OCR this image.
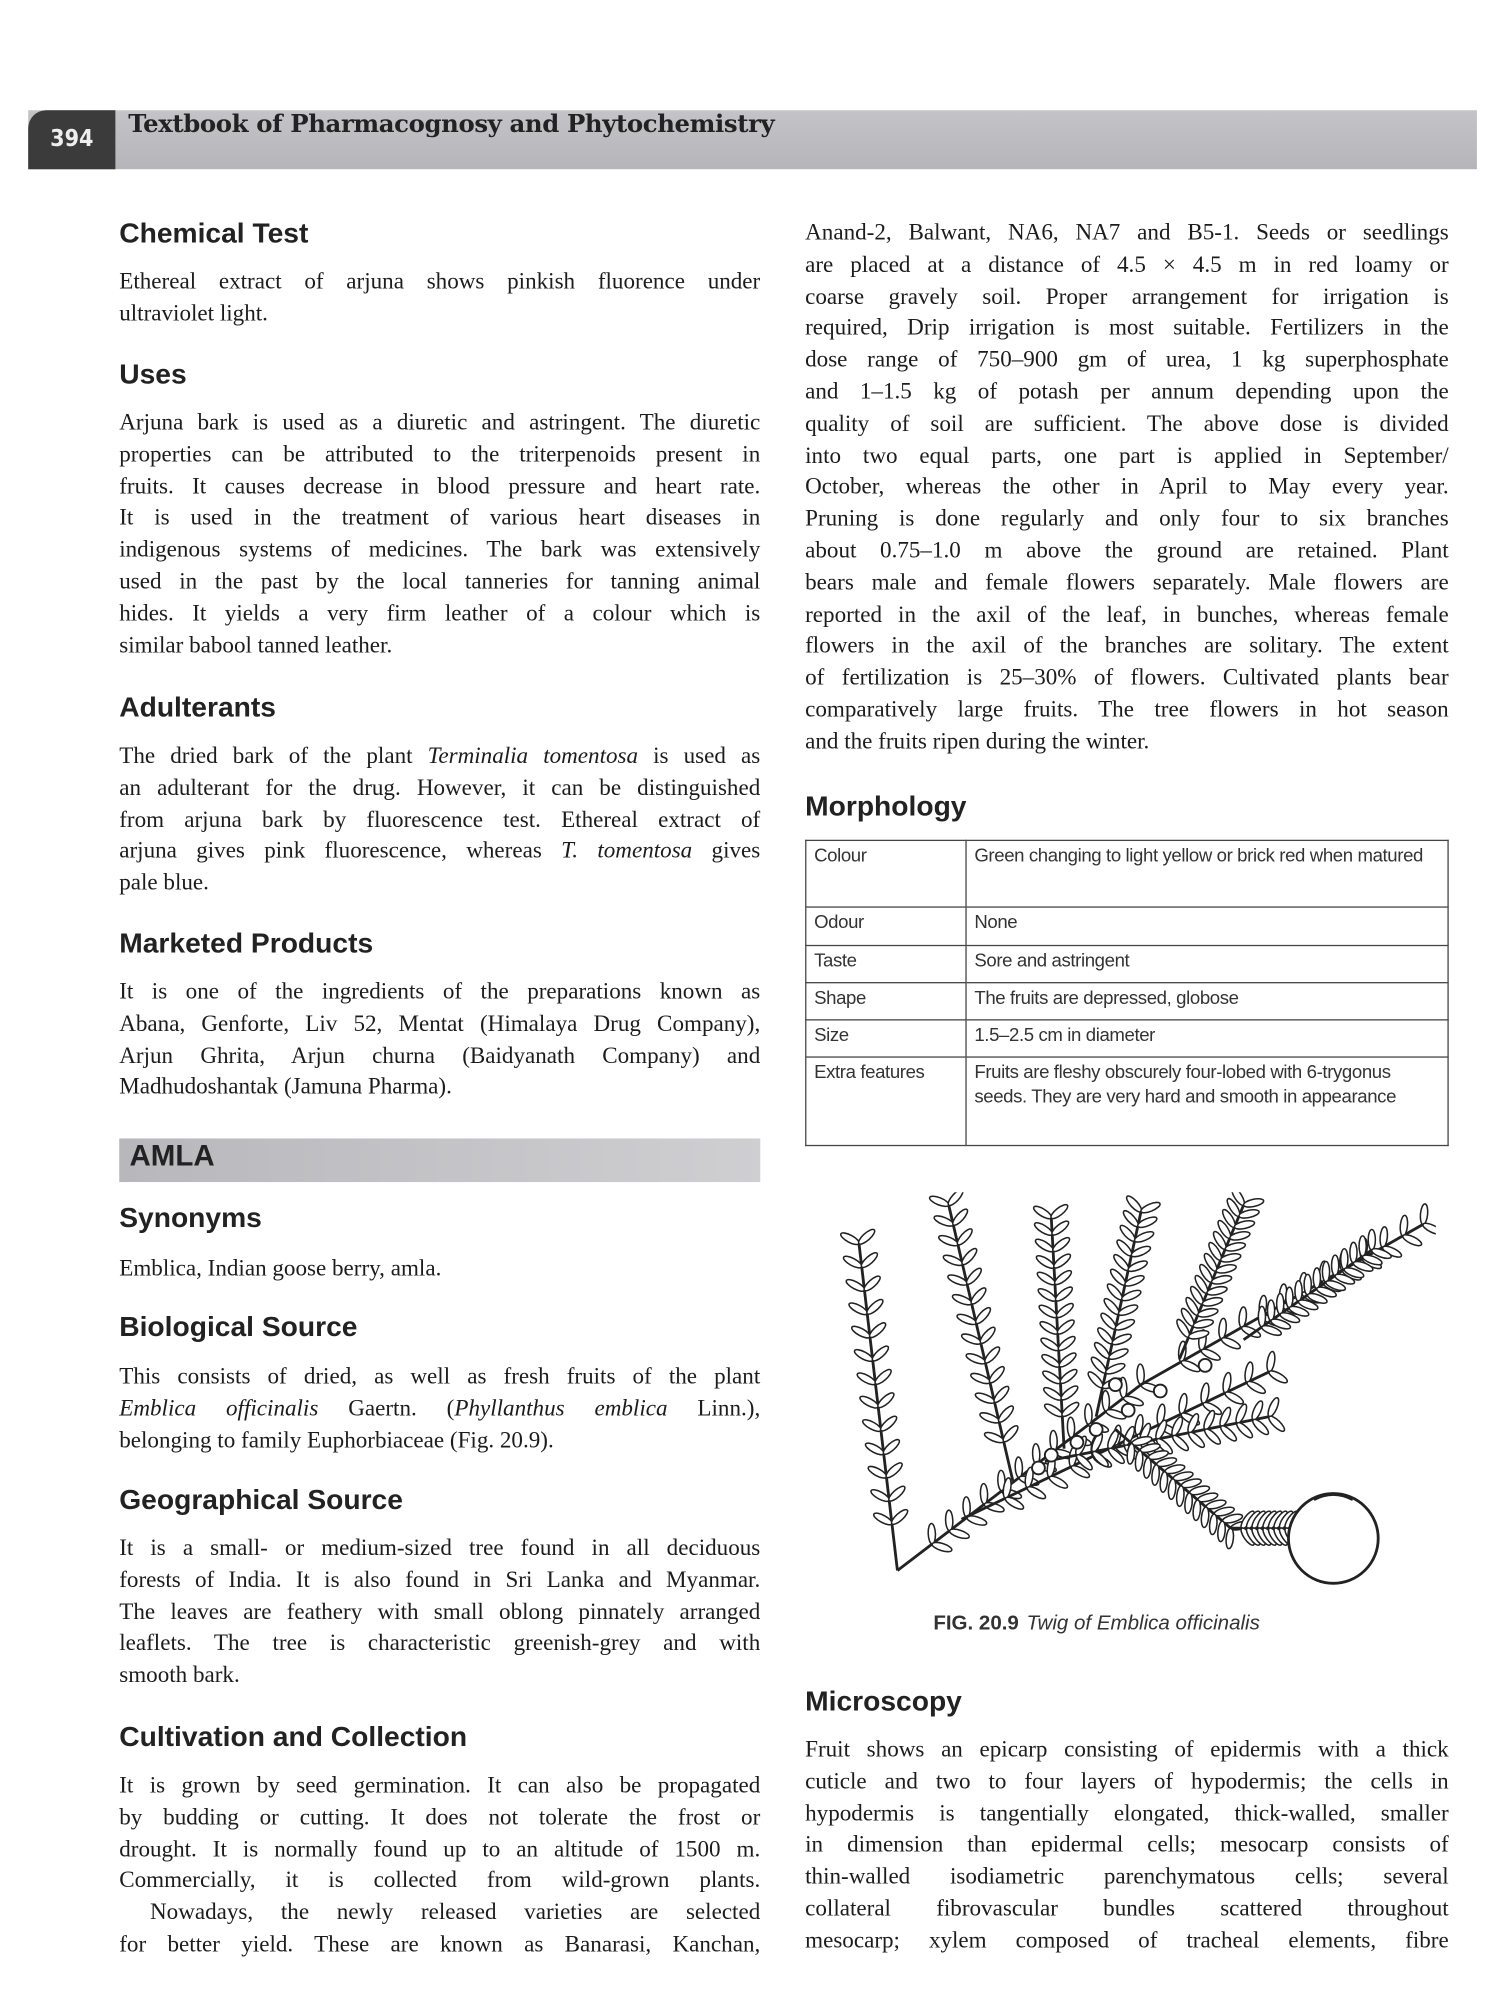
394
Textbook of Pharmacognosy and Phytochemistry
Chemical Test
Ethereal extract of arjuna shows pinkish fluorence under
ultraviolet light.
Uses
Arjuna bark is used as a diuretic and astringent. The diuretic
properties can be attributed to the triterpenoids present in
fruits. It causes decrease in blood pressure and heart rate.
It is used in the treatment of various heart diseases in
indigenous systems of medicines. The bark was extensively
used in the past by the local tanneries for tanning animal
hides. It yields a very firm leather of a colour which is
similar babool tanned leather.
Adulterants
The dried bark of the plant Terminalia tomentosa is used as
an adulterant for the drug. However, it can be distinguished
from arjuna bark by fluorescence test. Ethereal extract of
arjuna gives pink fluorescence, whereas T. tomentosa gives
pale blue.
Marketed Products
It is one of the ingredients of the preparations known as
Abana, Genforte, Liv 52, Mentat (Himalaya Drug Company),
Arjun Ghrita, Arjun churna (Baidyanath Company) and
Madhudoshantak (Jamuna Pharma).
AMLA
Synonyms
Emblica, Indian goose berry, amla.
Biological Source
This consists of dried, as well as fresh fruits of the plant
Emblica officinalis Gaertn. (Phyllanthus emblica Linn.),
belonging to family Euphorbiaceae (Fig. 20.9).
Geographical Source
It is a small- or medium-sized tree found in all deciduous
forests of India. It is also found in Sri Lanka and Myanmar.
The leaves are feathery with small oblong pinnately arranged
leaflets. The tree is characteristic greenish-grey and with
smooth bark.
Cultivation and Collection
It is grown by seed germination. It can also be propagated
by budding or cutting. It does not tolerate the frost or
drought. It is normally found up to an altitude of 1500 m.
Commercially, it is collected from wild-grown plants.
Nowadays, the newly released varieties are selected
for better yield. These are known as Banarasi, Kanchan,
Anand-2, Balwant, NA6, NA7 and B5-1. Seeds or seedlings
are placed at a distance of 4.5 × 4.5 m in red loamy or
coarse gravely soil. Proper arrangement for irrigation is
required, Drip irrigation is most suitable. Fertilizers in the
dose range of 750–900 gm of urea, 1 kg superphosphate
and 1–1.5 kg of potash per annum depending upon the
quality of soil are sufficient. The above dose is divided
into two equal parts, one part is applied in September/
October, whereas the other in April to May every year.
Pruning is done regularly and only four to six branches
about 0.75–1.0 m above the ground are retained. Plant
bears male and female flowers separately. Male flowers are
reported in the axil of the leaf, in bunches, whereas female
flowers in the axil of the branches are solitary. The extent
of fertilization is 25–30% of flowers. Cultivated plants bear
comparatively large fruits. The tree flowers in hot season
and the fruits ripen during the winter.
Morphology
Colour	Green changing to light yellow or brick red when matured
Odour	None
Taste	Sore and astringent
Shape	The fruits are depressed, globose
Size	1.5–2.5 cm in diameter
Extra features	Fruits are fleshy obscurely four-lobed with 6-trygonus seeds. They are very hard and smooth in appearance
FIG. 20.9 Twig of Emblica officinalis
Microscopy
Fruit shows an epicarp consisting of epidermis with a thick
cuticle and two to four layers of hypodermis; the cells in
hypodermis is tangentially elongated, thick-walled, smaller
in dimension than epidermal cells; mesocarp consists of
thin-walled isodiametric parenchymatous cells; several
collateral fibrovascular bundles scattered throughout
mesocarp; xylem composed of tracheal elements, fibre
